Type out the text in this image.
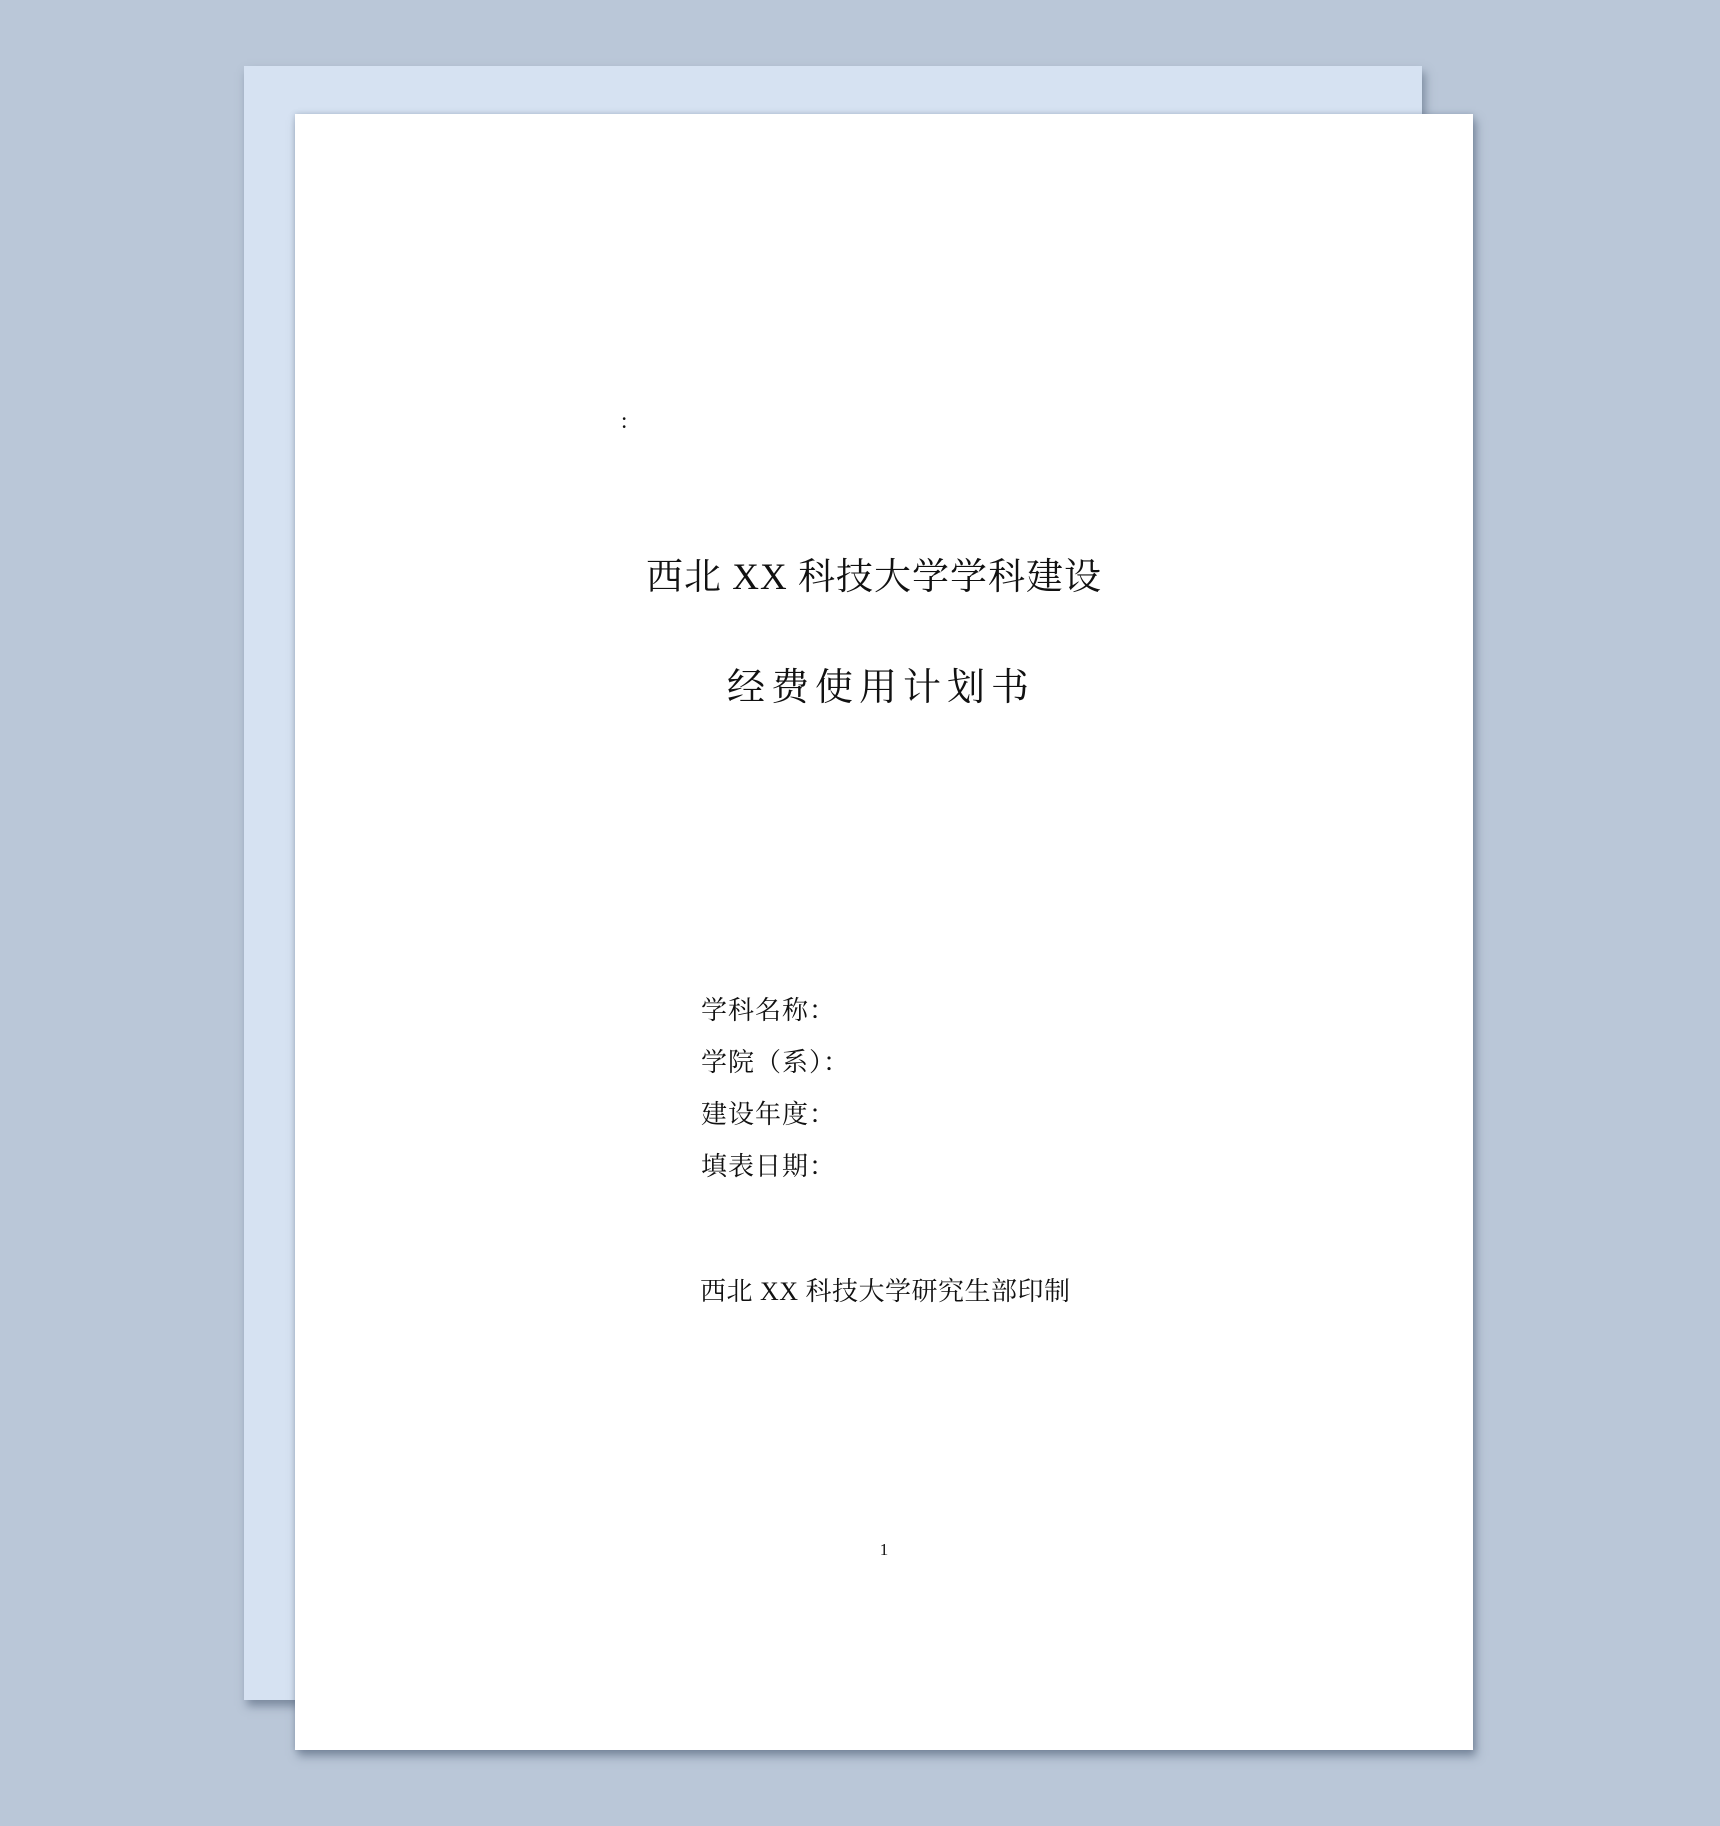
:
西北 XX 科技大学学科建设
经费使用计划书
学科名称：
学院（系）：
建设年度：
填表日期：
西北 XX 科技大学研究生部印制
1
